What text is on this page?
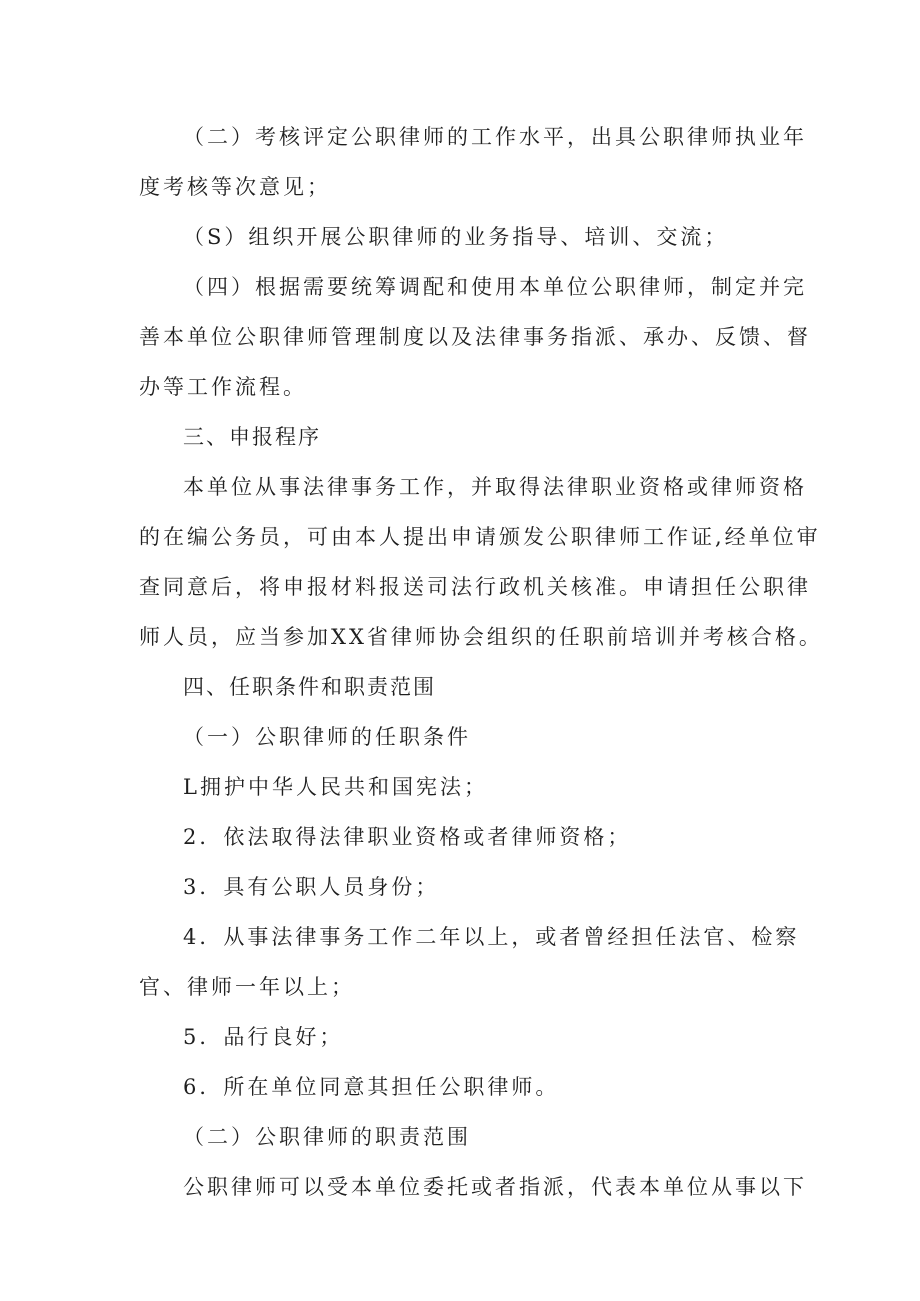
（二）考核评定公职律师的工作水平，出具公职律师执业年
度考核等次意见；
（S）组织开展公职律师的业务指导、培训、交流；
（四）根据需要统筹调配和使用本单位公职律师，制定并完
善本单位公职律师管理制度以及法律事务指派、承办、反馈、督
办等工作流程。
三、申报程序
本单位从事法律事务工作，并取得法律职业资格或律师资格
的在编公务员，可由本人提出申请颁发公职律师工作证,经单位审
查同意后，将申报材料报送司法行政机关核准。申请担任公职律
师人员，应当参加XX省律师协会组织的任职前培训并考核合格。
四、任职条件和职责范围
（一）公职律师的任职条件
L拥护中华人民共和国宪法；
2．依法取得法律职业资格或者律师资格；
3．具有公职人员身份；
4．从事法律事务工作二年以上，或者曾经担任法官、检察
官、律师一年以上；
5．品行良好；
6．所在单位同意其担任公职律师。
（二）公职律师的职责范围
公职律师可以受本单位委托或者指派，代表本单位从事以下
